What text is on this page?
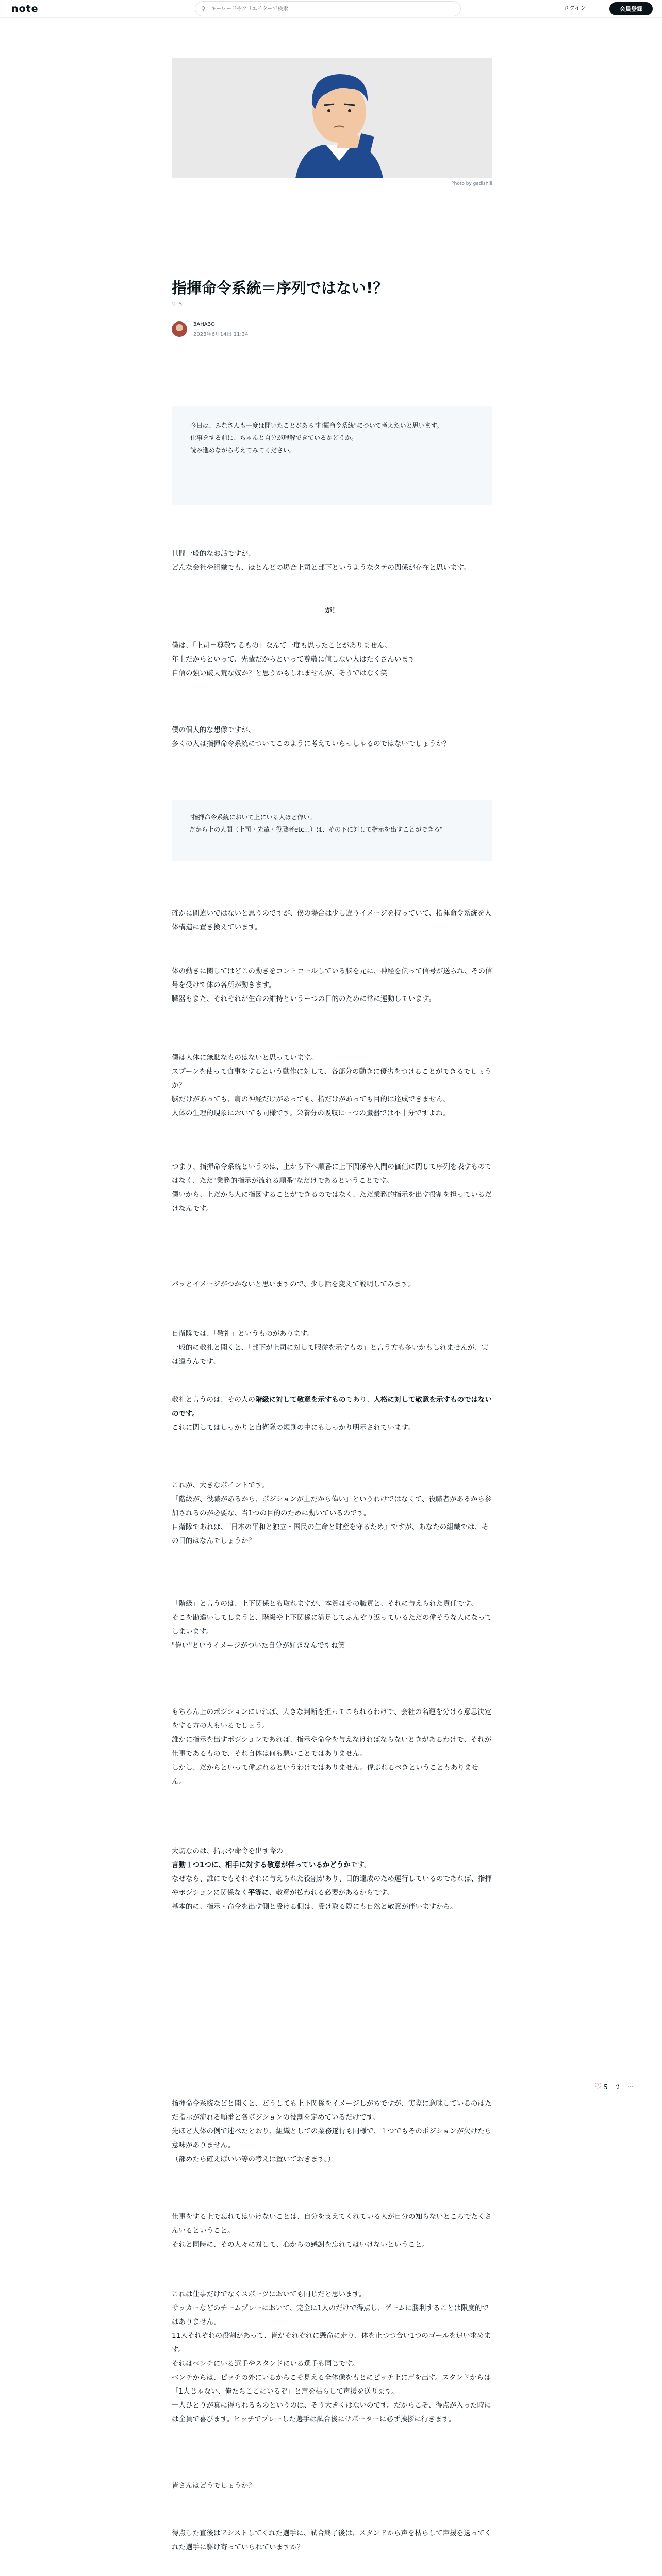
note	⚲
キーワードやクリエイターで検索	ログイン	会員登録
Photo by gadishill
指揮命令系統＝序列ではない!？
♡ 5
ЗАНАЗО
2023年6月14日 11:34

今日は、みなさんも一度は聞いたことがある"指揮命令系統"について考えたいと思います。

仕事をする前に、ちゃんと自分が理解できているかどうか。

読み進めながら考えてみてください。

世間一般的なお話ですが、

どんな会社や組織でも、ほとんどの場合上司と部下というようなタテの関係が存在と思います。

が！

僕は、「上司＝尊敬するもの」なんて一度も思ったことがありません。

年上だからといって、先輩だからといって尊敬に値しない人はたくさんいます

自信の強い破天荒な奴か？と思うかもしれませんが、そうではなく笑

僕の個人的な想像ですが、

多くの人は指揮命令系統についてこのように考えていらっしゃるのではないでしょうか？

"指揮命令系統において上にいる人ほど偉い。

だから上の人間（上司・先輩・役職者etc...）は、その下に対して指示を出すことができる"

確かに間違いではないと思うのですが、僕の場合は少し違うイメージを持っていて、指揮命令系統を人体構造に置き換えています。

体の動きに関してはどこの動きをコントロールしている脳を元に、神経を伝って信号が送られ、その信号を受けて体の各所が動きます。

臓器もまた、それぞれが生命の維持というーつの目的のために常に運動しています。

僕は人体に無駄なものはないと思っています。

スプーンを使って食事をするという動作に対して、各部分の動きに優劣をつけることができるでしょうか？

脳だけがあっても、肩の神経だけがあっても、指だけがあっても目的は達成できません。

人体の生理的現象においても同様です。栄養分の吸収にーつの臓器では不十分ですよね。

つまり、指揮命令系統というのは、上から下へ順番に上下関係や人間の価値に関して序列を表すものではなく、ただ"業務的指示が流れる順番"なだけであるということです。

僕いから、上だから人に指図することができるのではなく、ただ業務的指示を出す役割を担っているだけなんです。

パッとイメージがつかないと思いますので、少し話を変えて説明してみます。

自衛隊では、「敬礼」というものがあります。

一般的に敬礼と聞くと、「部下が上司に対して服従を示すもの」と言う方も多いかもしれませんが、実は違うんです。

敬礼と言うのは、その人の階級に対して敬意を示すものであり、人格に対して敬意を示すものではないのです。

これに関してはしっかりと自衛隊の規則の中にもしっかり明示されています。

これが、大きなポイントです。

「階級が、役職があるから、ポジションが上だから偉い」というわけではなくて、役職者があるから参加されるのが必要な、当1つの目的のために動いているのです。

自衛隊であれば、『日本の平和と独立・国民の生命と財産を守るため』ですが、あなたの組織では、その目的はなんでしょうか？

「階級」と言うのは、上下関係とも取れますが、本質はその職責と、それに与えられた責任です。

そこを勘違いしてしまうと、階級や上下関係に満足してふんぞり返っているただの偉そうな人になってしまいます。

"偉い"というイメージがついた自分が好きなんですね笑

もちろん上のポジションにいれば、大きな判断を担ってこられるわけで、会社の名運を分ける意思決定をする方の人もいるでしょう。

誰かに指示を出すポジションであれば、指示や命令を与えなければならないときがあるわけで、それが仕事であるもので、それ自体は何も悪いことではありません。

しかし、だからといって偉ぶれるというわけではありません。偉ぶれるべきということもありません。

大切なのは、指示や命令を出す際の

言動１つ1つに、相手に対する敬意が伴っているかどうかです。

なぜなら、誰にでもそれぞれに与えられた役割があり、目的達成のため運行しているのであれば、指揮やポジションに関係なく平等に、敬意が払われる必要があるからです。

基本的に、指示・命令を出す側と受ける側は、受け取る際にも自然と敬意が伴いますから。

指揮命令系統などと聞くと、どうしても上下関係をイメージしがちですが、実際に意味しているのはただ指示が流れる順番と各ポジションの役割を定めているだけです。

先ほど人体の例で述べたとおり、組織としての業務遂行も同様で、１つでもそのポジションが欠けたら意味がありません。

（部めたら確えばいい等の考えは置いておきます。）

仕事をする上で忘れてはいけないことは、自分を支えてくれている人が自分の知らないところでたくさんいるということ。

それと同時に、その人々に対して、心からの感謝を忘れてはいけないということ。

これは仕事だけでなくスポーツにおいても同じだと思います。

サッカーなどのチームプレーにおいて、完全に1人のだけで得点し、ゲームに勝利することは限度的ではありません。

11人それぞれの役割があって、皆がそれぞれに懸命に走り、体を止つつ合い1つのゴールを追い求めます。

それはベンチにいる選手やスタンドにいる選手も同じです。

ベンチからは、ピッチの外にいるからこそ見える全体像をもとにピッチ上に声を出す。スタンドからは「1人じゃない、俺たちここにいるぞ」と声を枯らして声援を送ります。

一人ひとりが真に得られるものというのは、そう大きくはないのです。だからこそ、得点が入った時には全員で喜びます。ピッチでプレーした選手は試合後にサポーターに必ず挨拶に行きます。

皆さんはどうでしょうか？

得点した直後はアシストしてくれた選手に、試合終了後は、スタンドから声を枯らして声援を送ってくれた選手に駆け寄っていられていますか？

♡ 5 ⇧ ⋯
